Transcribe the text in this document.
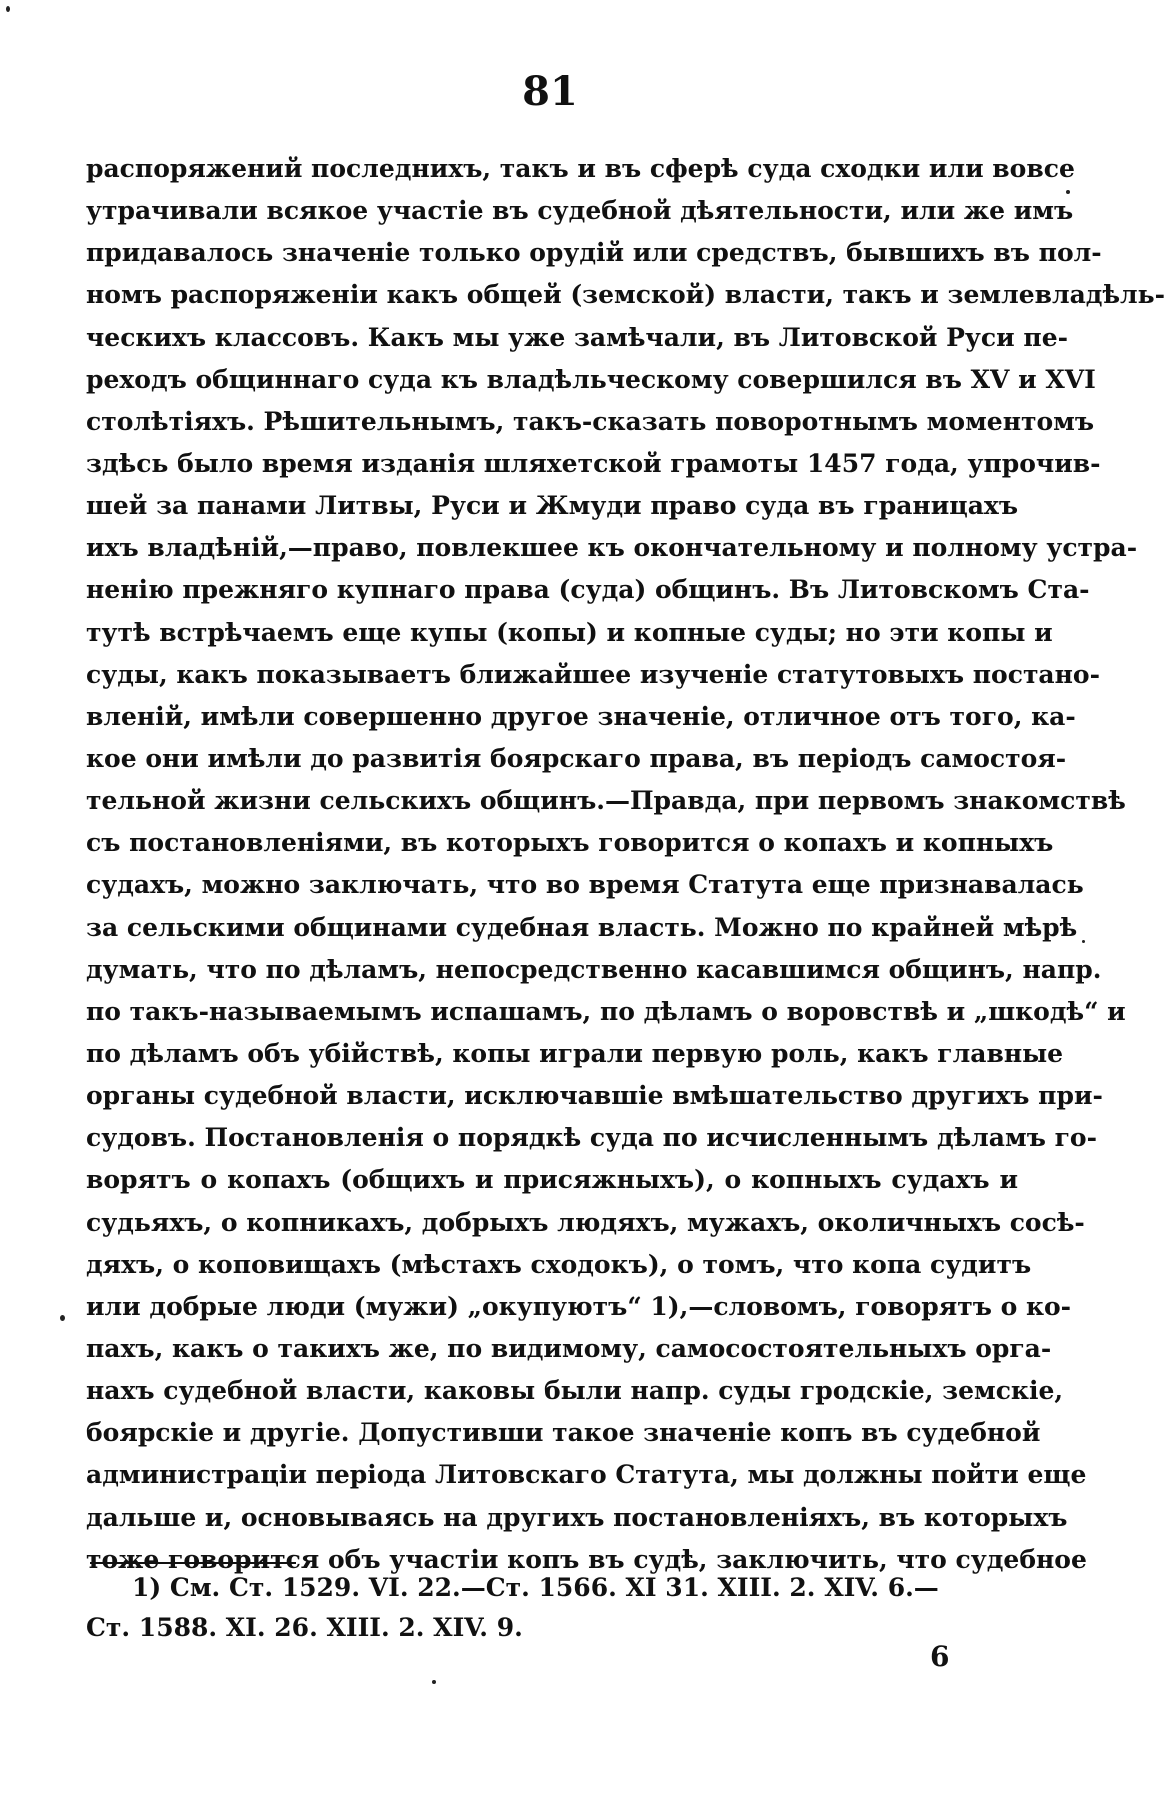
81
распоряжений последнихъ, такъ и въ сферѣ суда сходки или вовсе
утрачивали всякое участіе въ судебной дѣятельности, или же имъ
придавалось значеніе только орудій или средствъ, бывшихъ въ пол-
номъ распоряженіи какъ общей (земской) власти, такъ и землевладѣль-
ческихъ классовъ. Какъ мы уже замѣчали, въ Литовской Руси пе-
реходъ общиннаго суда къ владѣльческому совершился въ XV и XVI
столѣтіяхъ. Рѣшительнымъ, такъ-сказать поворотнымъ моментомъ
здѣсь было время изданія шляхетской грамоты 1457 года, упрочив-
шей за панами Литвы, Руси и Жмуди право суда въ границахъ
ихъ владѣній,—право, повлекшее къ окончательному и полному устра-
ненію прежняго купнаго права (суда) общинъ. Въ Литовскомъ Ста-
тутѣ встрѣчаемъ еще купы (копы) и копные суды; но эти копы и
суды, какъ показываетъ ближайшее изученіе статутовыхъ постано-
вленій, имѣли совершенно другое значеніе, отличное отъ того, ка-
кое они имѣли до развитія боярскаго права, въ періодъ самостоя-
тельной жизни сельскихъ общинъ.—Правда, при первомъ знакомствѣ
съ постановленіями, въ которыхъ говорится о копахъ и копныхъ
судахъ, можно заключать, что во время Статута еще признавалась
за сельскими общинами судебная власть. Можно по крайней мѣрѣ
думать, что по дѣламъ, непосредственно касавшимся общинъ, напр.
по такъ-называемымъ испашамъ, по дѣламъ о воровствѣ и „шкодѣ“ и
по дѣламъ объ убійствѣ, копы играли первую роль, какъ главные
органы судебной власти, исключавшіе вмѣшательство другихъ при-
судовъ. Постановленія о порядкѣ суда по исчисленнымъ дѣламъ го-
ворятъ о копахъ (общихъ и присяжныхъ), о копныхъ судахъ и
судьяхъ, о копникахъ, добрыхъ людяхъ, мужахъ, околичныхъ сосѣ-
дяхъ, о коповищахъ (мѣстахъ сходокъ), о томъ, что копа судитъ
или добрые люди (мужи) „окупуютъ“ 1),—словомъ, говорятъ о ко-
пахъ, какъ о такихъ же, по видимому, самосостоятельныхъ орга-
нахъ судебной власти, каковы были напр. суды гродскіе, земскіе,
боярскіе и другіе. Допустивши такое значеніе копъ въ судебной
администраціи періода Литовскаго Статута, мы должны пойти еще
дальше и, основываясь на другихъ постановленіяхъ, въ которыхъ
тоже говорится объ участіи копъ въ судѣ, заключить, что судебное
1) См. Ст. 1529. VI. 22.—Ст. 1566. XI 31. XIII. 2. XIV. 6.—
Ст. 1588. XI. 26. XIII. 2. XIV. 9.
6
